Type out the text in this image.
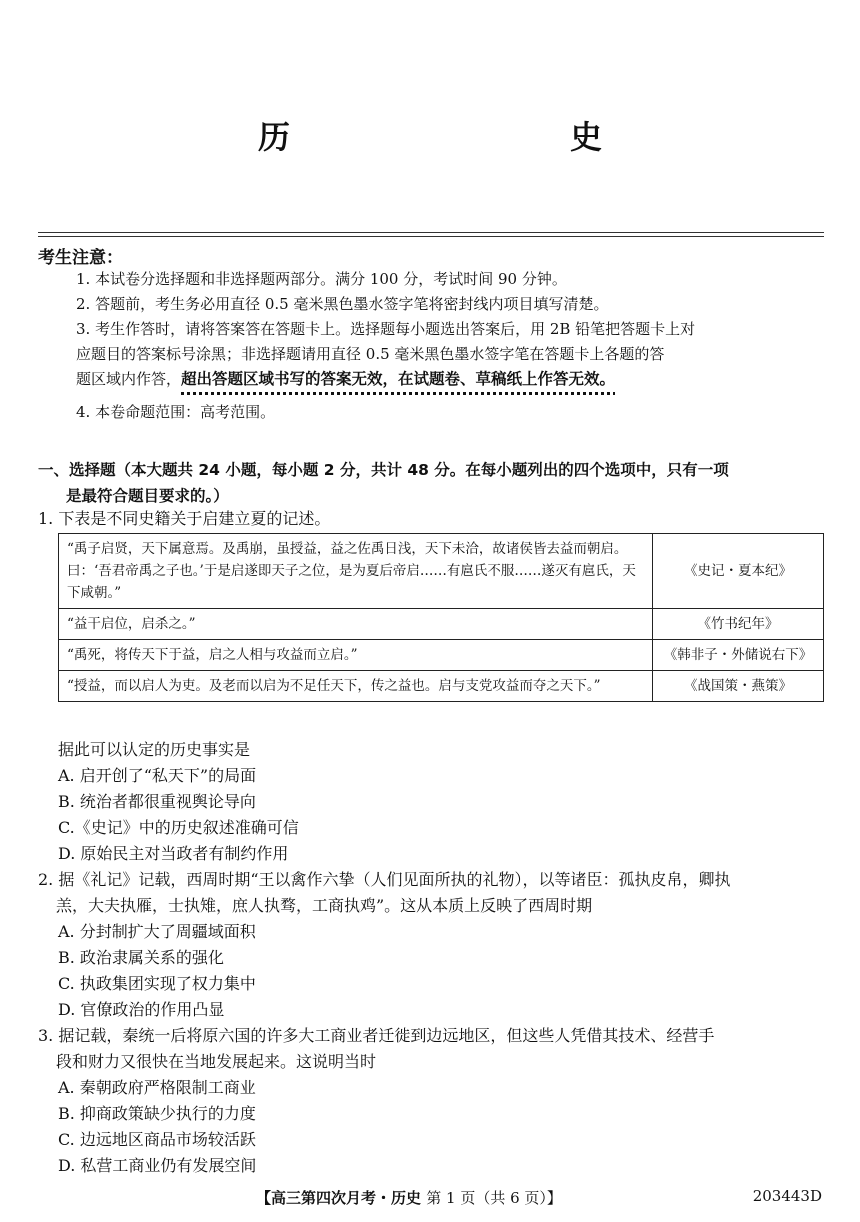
历　　史
考生注意：
1. 本试卷分选择题和非选择题两部分。满分 100 分，考试时间 90 分钟。
2. 答题前，考生务必用直径 0.5 毫米黑色墨水签字笔将密封线内项目填写清楚。
3. 考生作答时，请将答案答在答题卡上。选择题每小题选出答案后，用 2B 铅笔把答题卡上对
应题目的答案标号涂黑；非选择题请用直径 0.5 毫米黑色墨水签字笔在答题卡上各题的答
题区域内作答，超出答题区域书写的答案无效，在试题卷、草稿纸上作答无效。
4. 本卷命题范围：高考范围。
一、选择题（本大题共 24 小题，每小题 2 分，共计 48 分。在每小题列出的四个选项中，只有一项
是最符合题目要求的。）
1. 下表是不同史籍关于启建立夏的记述。
“禹子启贤，天下属意焉。及禹崩，虽授益，益之佐禹日浅，天下未洽，故诸侯皆去益而朝启。曰：‘吾君帝禹之子也。’于是启遂即天子之位，是为夏后帝启……有扈氏不服……遂灭有扈氏，天下咸朝。”	《史记・夏本纪》
“益干启位，启杀之。”	《竹书纪年》
“禹死，将传天下于益，启之人相与攻益而立启。”	《韩非子・外储说右下》
“授益，而以启人为吏。及老而以启为不足任天下，传之益也。启与支党攻益而夺之天下。”	《战国策・燕策》
据此可以认定的历史事实是
A. 启开创了“私天下”的局面
B. 统治者都很重视舆论导向
C.《史记》中的历史叙述准确可信
D. 原始民主对当政者有制约作用
2. 据《礼记》记载，西周时期“王以禽作六挚（人们见面所执的礼物），以等诸臣：孤执皮帛，卿执
羔，大夫执雁，士执雉，庶人执骛，工商执鸡”。这从本质上反映了西周时期
A. 分封制扩大了周疆域面积
B. 政治隶属关系的强化
C. 执政集团实现了权力集中
D. 官僚政治的作用凸显
3. 据记载，秦统一后将原六国的许多大工商业者迁徙到边远地区，但这些人凭借其技术、经营手
段和财力又很快在当地发展起来。这说明当时
A. 秦朝政府严格限制工商业
B. 抑商政策缺少执行的力度
C. 边远地区商品市场较活跃
D. 私营工商业仍有发展空间
【高三第四次月考・历史 第 1 页（共 6 页）】	203443D
